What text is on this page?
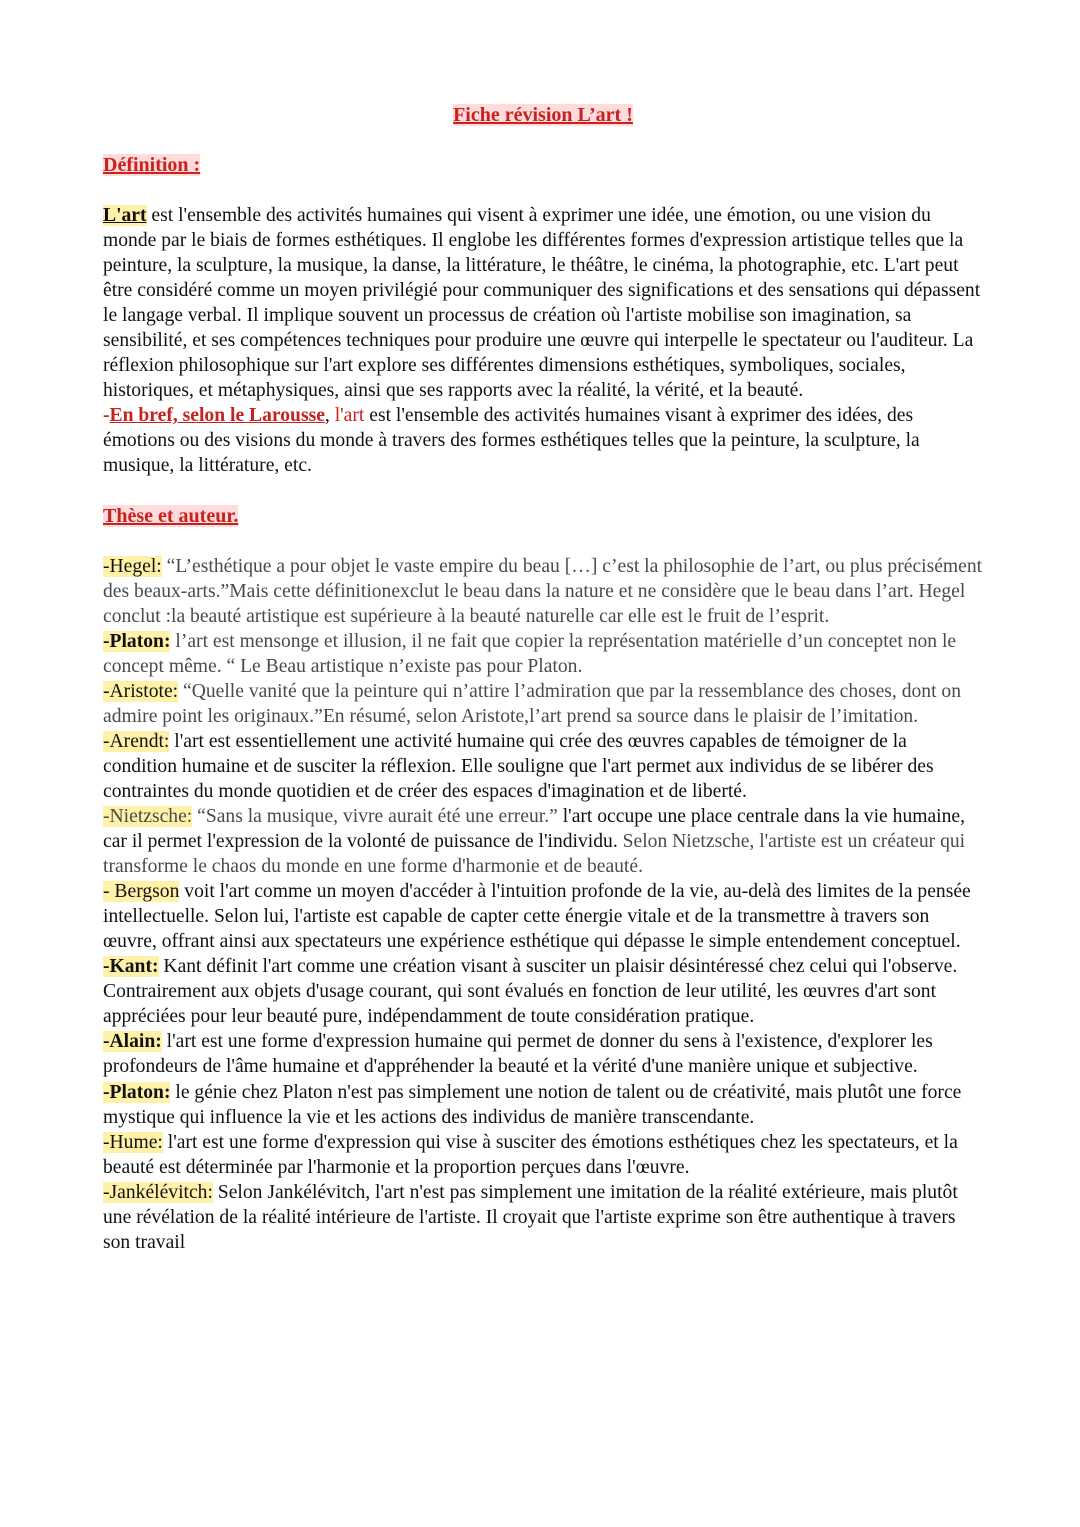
Fiche révision L’art !

Définition :

L'art est l'ensemble des activités humaines qui visent à exprimer une idée, une émotion, ou une vision du monde par le biais de formes esthétiques. Il englobe les différentes formes d'expression artistique telles que la peinture, la sculpture, la musique, la danse, la littérature, le théâtre, le cinéma, la photographie, etc. L'art peut être considéré comme un moyen privilégié pour communiquer des significations et des sensations qui dépassent le langage verbal. Il implique souvent un processus de création où l'artiste mobilise son imagination, sa sensibilité, et ses compétences techniques pour produire une œuvre qui interpelle le spectateur ou l'auditeur. La réflexion philosophique sur l'art explore ses différentes dimensions esthétiques, symboliques, sociales, historiques, et métaphysiques, ainsi que ses rapports avec la réalité, la vérité, et la beauté.

-En bref, selon le Larousse, l'art est l'ensemble des activités humaines visant à exprimer des idées, des émotions ou des visions du monde à travers des formes esthétiques telles que la peinture, la sculpture, la musique, la littérature, etc.

Thèse et auteur.

-Hegel: “L’esthétique a pour objet le vaste empire du beau […] c’est la philosophie de l’art, ou plus précisément des beaux-arts.”Mais cette définitionexclut le beau dans la nature et ne considère que le beau dans l’art. Hegel conclut :la beauté artistique est supérieure à la beauté naturelle car elle est le fruit de l’esprit.

-Platon: l’art est mensonge et illusion, il ne fait que copier la représentation matérielle d’un conceptet non le concept même. “ Le Beau artistique n’existe pas pour Platon.

-Aristote: “Quelle vanité que la peinture qui n’attire l’admiration que par la ressemblance des choses, dont on admire point les originaux.”En résumé, selon Aristote,l’art prend sa source dans le plaisir de l’imitation.

-Arendt: l'art est essentiellement une activité humaine qui crée des œuvres capables de témoigner de la condition humaine et de susciter la réflexion. Elle souligne que l'art permet aux individus de se libérer des contraintes du monde quotidien et de créer des espaces d'imagination et de liberté.

-Nietzsche: “Sans la musique, vivre aurait été une erreur.” l'art occupe une place centrale dans la vie humaine, car il permet l'expression de la volonté de puissance de l'individu. Selon Nietzsche, l'artiste est un créateur qui transforme le chaos du monde en une forme d'harmonie et de beauté.

- Bergson voit l'art comme un moyen d'accéder à l'intuition profonde de la vie, au-delà des limites de la pensée intellectuelle. Selon lui, l'artiste est capable de capter cette énergie vitale et de la transmettre à travers son œuvre, offrant ainsi aux spectateurs une expérience esthétique qui dépasse le simple entendement conceptuel.

-Kant: Kant définit l'art comme une création visant à susciter un plaisir désintéressé chez celui qui l'observe. Contrairement aux objets d'usage courant, qui sont évalués en fonction de leur utilité, les œuvres d'art sont appréciées pour leur beauté pure, indépendamment de toute considération pratique.

-Alain: l'art est une forme d'expression humaine qui permet de donner du sens à l'existence, d'explorer les profondeurs de l'âme humaine et d'appréhender la beauté et la vérité d'une manière unique et subjective.

-Platon: le génie chez Platon n'est pas simplement une notion de talent ou de créativité, mais plutôt une force mystique qui influence la vie et les actions des individus de manière transcendante.

-Hume: l'art est une forme d'expression qui vise à susciter des émotions esthétiques chez les spectateurs, et la beauté est déterminée par l'harmonie et la proportion perçues dans l'œuvre.

-Jankélévitch: Selon Jankélévitch, l'art n'est pas simplement une imitation de la réalité extérieure, mais plutôt une révélation de la réalité intérieure de l'artiste. Il croyait que l'artiste exprime son être authentique à travers son travail
